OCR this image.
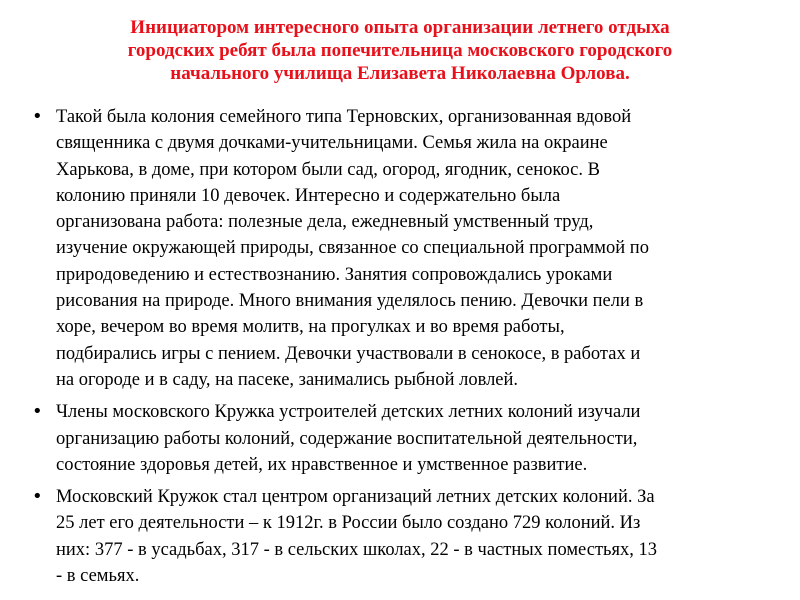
Инициатором интересного опыта организации летнего отдыха
городских ребят была попечительница московского городского
начального училища Елизавета Николаевна Орлова.
• Такой была колония семейного типа Терновских, организованная вдовой
священника с двумя дочками-учительницами. Семья жила на окраине
Харькова, в доме, при котором были сад, огород, ягодник, сенокос. В
колонию приняли 10 девочек. Интересно и содержательно была
организована работа: полезные дела, ежедневный умственный труд,
изучение окружающей природы, связанное со специальной программой по
природоведению и естествознанию. Занятия сопровождались уроками
рисования на природе. Много внимания уделялось пению. Девочки пели в
хоре, вечером во время молитв, на прогулках и во время работы,
подбирались игры с пением. Девочки участвовали в сенокосе, в работах и
на огороде и в саду, на пасеке, занимались рыбной ловлей.
• Члены московского Кружка устроителей детских летних колоний изучали
организацию работы колоний, содержание воспитательной деятельности,
состояние здоровья детей, их нравственное и умственное развитие.
• Московский Кружок стал центром организаций летних детских колоний. За
25 лет его деятельности – к 1912г. в России было создано 729 колоний. Из
них: 377 - в усадьбах, 317 - в сельских школах, 22 - в частных поместьях, 13
- в семьях.
